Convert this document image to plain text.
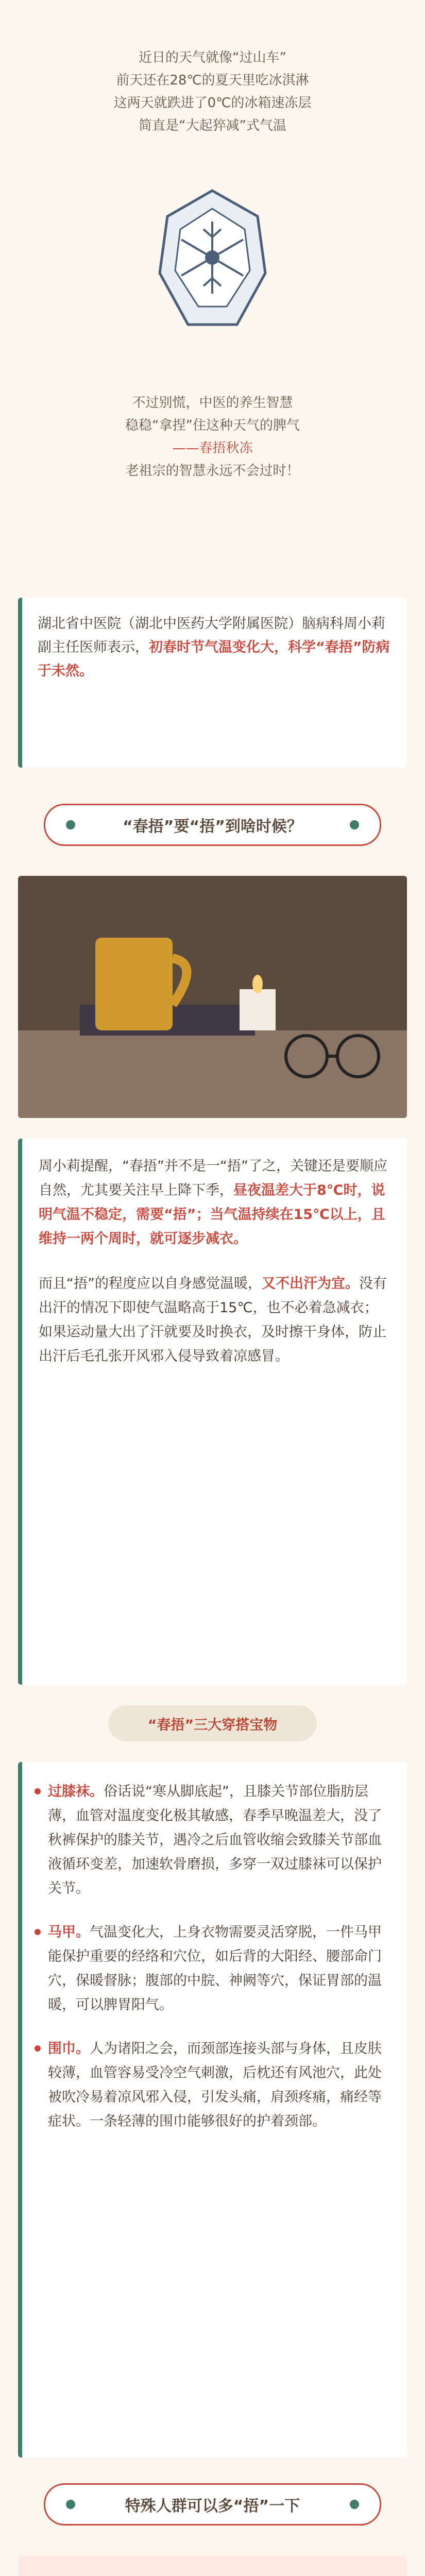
近日的天气就像“过山车”
前天还在28℃的夏天里吃冰淇淋
这两天就跌进了0℃的冰箱速冻层
简直是“大起猝减”式气温
不过别慌，中医的养生智慧
稳稳“拿捏”住这种天气的脾气
——春捂秋冻
老祖宗的智慧永远不会过时！

湖北省中医院（湖北中医药大学附属医院）脑病科周小莉副主任医师表示，初春时节气温变化大，科学“春捂”防病于未然。

“春捂”要“捂”到啥时候？

周小莉提醒，“春捂”并不是一“捂”了之，关键还是要顺应自然，尤其要关注早上降下季，昼夜温差大于8℃时，说明气温不稳定，需要“捂”；当气温持续在15℃以上，且维持一两个周时，就可逐步减衣。

而且“捂”的程度应以自身感觉温暖，又不出汗为宜。没有出汗的情况下即使气温略高于15℃，也不必着急减衣；如果运动量大出了汗就要及时换衣，及时擦干身体，防止出汗后毛孔张开风邪入侵导致着凉感冒。

“春捂”三大穿搭宝物
过膝袜。俗话说“寒从脚底起”，且膝关节部位脂肪层薄，血管对温度变化极其敏感，春季早晚温差大，没了秋裤保护的膝关节，遇冷之后血管收缩会致膝关节部血液循环变差，加速软骨磨损，多穿一双过膝袜可以保护关节。
马甲。气温变化大，上身衣物需要灵活穿脱，一件马甲能保护重要的经络和穴位，如后背的大阳经、腰部命门穴，保暖督脉；腹部的中脘、神阙等穴，保证胃部的温暖，可以脾胃阳气。
围巾。人为诸阳之会，而颈部连接头部与身体，且皮肤较薄，血管容易受冷空气刺激，后枕还有风池穴，此处被吹冷易着凉风邪入侵，引发头痛，肩颈疼痛，痛经等症状。一条轻薄的围巾能够很好的护着颈部。
特殊人群可以多“捂”一下
